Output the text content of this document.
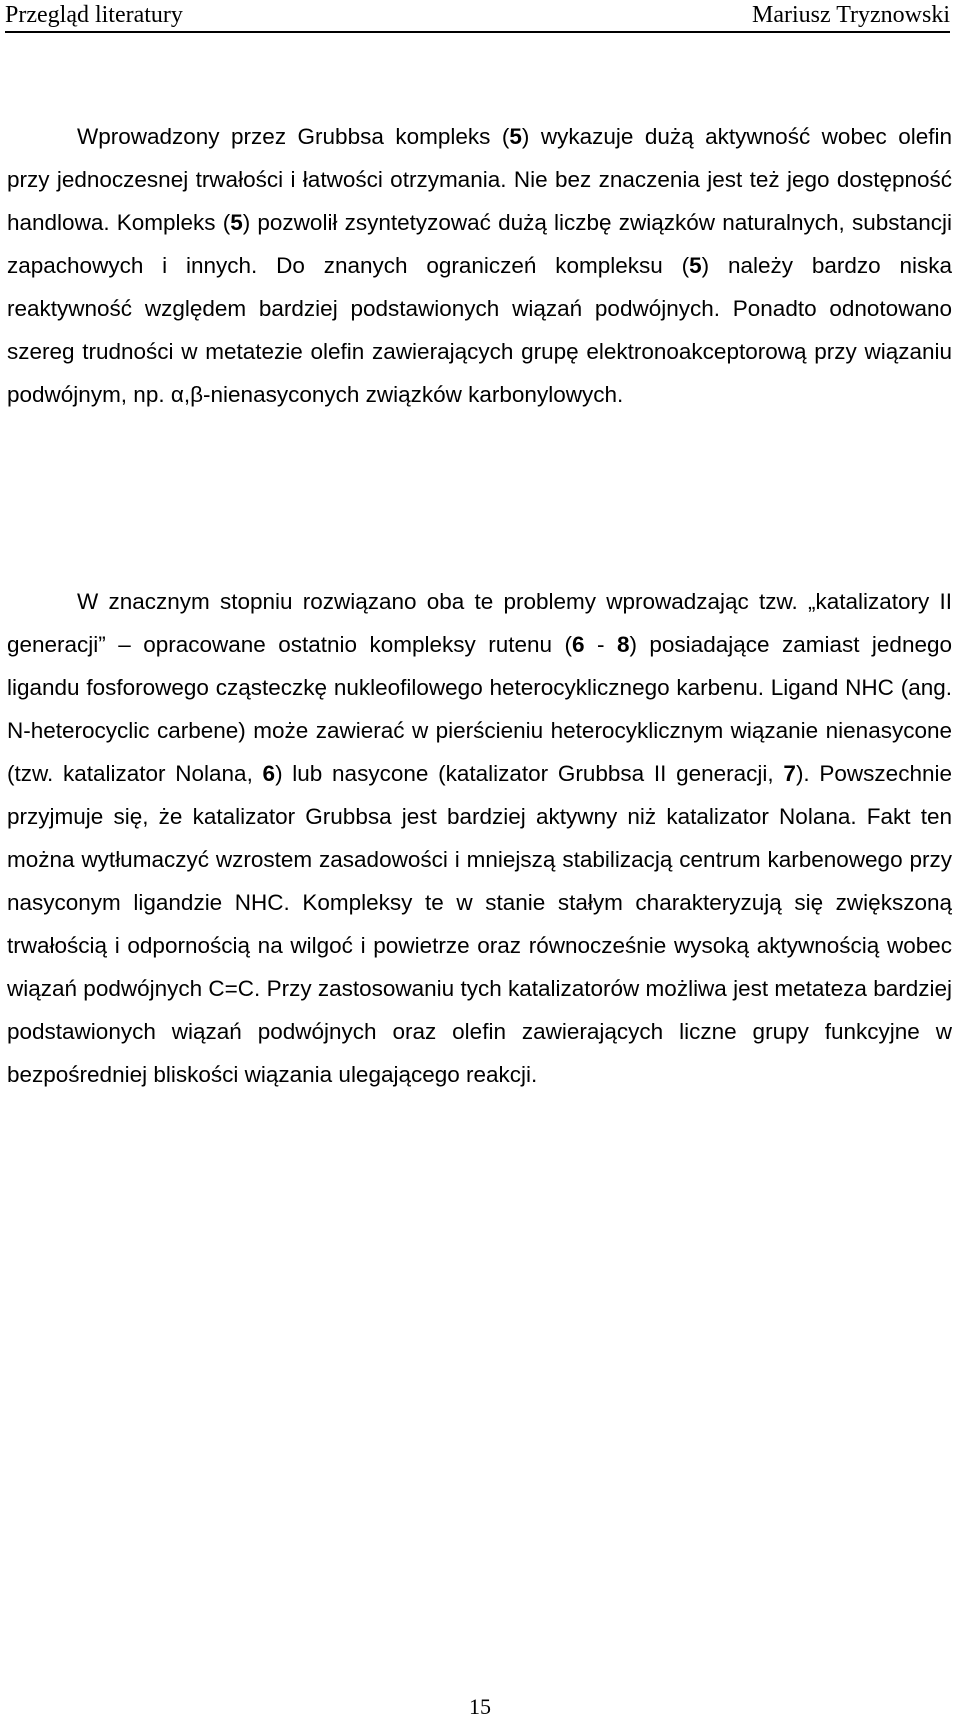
Przegląd literatury	Mariusz Tryznowski

Wprowadzony przez Grubbsa kompleks (5) wykazuje dużą aktywność wobec olefin przy jednoczesnej trwałości i łatwości otrzymania. Nie bez znaczenia jest też jego dostępność handlowa. Kompleks (5) pozwolił zsyntetyzować dużą liczbę związków naturalnych, substancji zapachowych i innych. Do znanych ograniczeń kompleksu (5) należy bardzo niska reaktywność względem bardziej podstawionych wiązań podwójnych. Ponadto odnotowano szereg trudności w metatezie olefin zawierających grupę elektronoakceptorową przy wiązaniu podwójnym, np. α,β-nienasyconych związków karbonylowych.

W znacznym stopniu rozwiązano oba te problemy wprowadzając tzw. „katalizatory II generacji” – opracowane ostatnio kompleksy rutenu (6 - 8) posiadające zamiast jednego ligandu fosforowego cząsteczkę nukleofilowego heterocyklicznego karbenu. Ligand NHC (ang. N-heterocyclic carbene) może zawierać w pierścieniu heterocyklicznym wiązanie nienasycone (tzw. katalizator Nolana, 6) lub nasycone (katalizator Grubbsa II generacji, 7). Powszechnie przyjmuje się, że katalizator Grubbsa jest bardziej aktywny niż katalizator Nolana. Fakt ten można wytłumaczyć wzrostem zasadowości i mniejszą stabilizacją centrum karbenowego przy nasyconym ligandzie NHC. Kompleksy te w stanie stałym charakteryzują się zwiększoną trwałością i odpornością na wilgoć i powietrze oraz równocześnie wysoką aktywnością wobec wiązań podwójnych C=C. Przy zastosowaniu tych katalizatorów możliwa jest metateza bardziej podstawionych wiązań podwójnych oraz olefin zawierających liczne grupy funkcyjne w bezpośredniej bliskości wiązania ulegającego reakcji.

15
